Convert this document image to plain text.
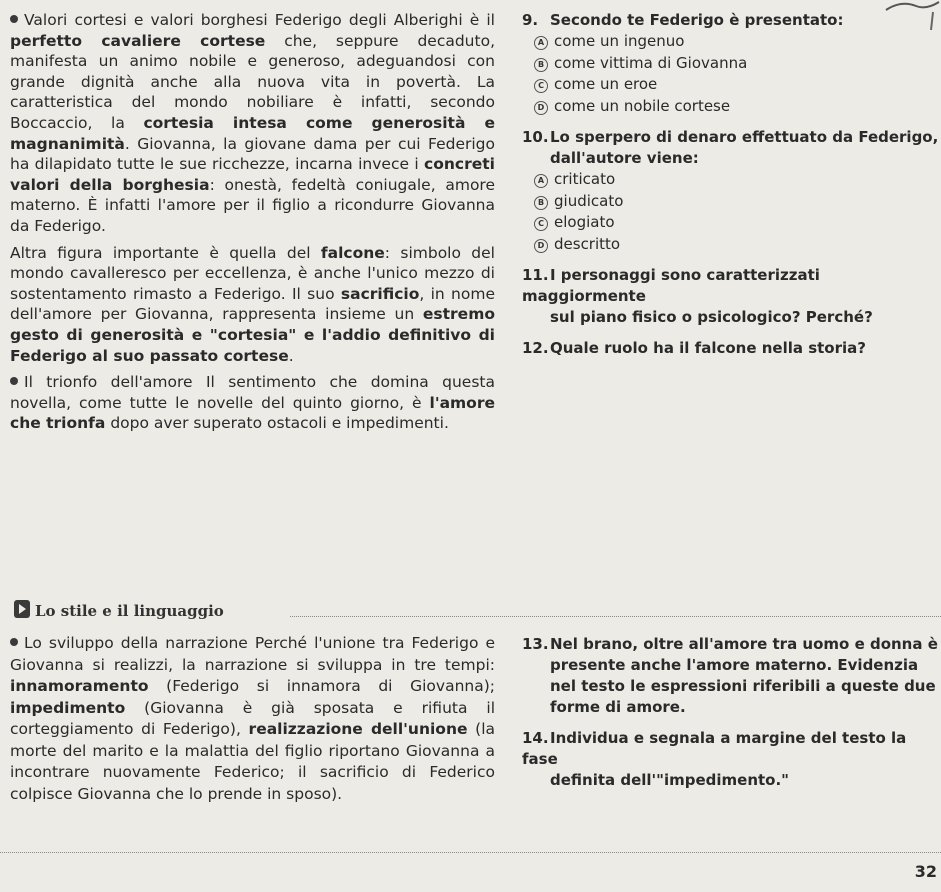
Valori cortesi e valori borghesi Federigo degli Alberighi è il perfetto cavaliere cortese che, seppure decaduto, manifesta un animo nobile e generoso, adeguandosi con grande dignità anche alla nuova vita in povertà. La caratteristica del mondo nobiliare è infatti, secondo Boccaccio, la cortesia intesa come generosità e magnanimità. Giovanna, la giovane dama per cui Federigo ha dilapidato tutte le sue ricchezze, incarna invece i concreti valori della borghesia: onestà, fedeltà coniugale, amore materno. È infatti l'amore per il figlio a ricondurre Giovanna da Federigo.

Altra figura importante è quella del falcone: simbolo del mondo cavalleresco per eccellenza, è anche l'unico mezzo di sostentamento rimasto a Federigo. Il suo sacrificio, in nome dell'amore per Giovanna, rappresenta insieme un estremo gesto di generosità e "cortesia" e l'addio definitivo di Federigo al suo passato cortese.

Il trionfo dell'amore Il sentimento che domina questa novella, come tutte le novelle del quinto giorno, è l'amore che trionfa dopo aver superato ostacoli e impedimenti.

9. Secondo te Federigo è presentato:

A come un ingenuo
B come vittima di Giovanna
C come un eroe
D come un nobile cortese

10.Lo sperpero di denaro effettuato da Federigo,
dall'autore viene:

A criticato
B giudicato
C elogiato
D descritto

11.I personaggi sono caratterizzati maggiormente
sul piano fisico o psicologico? Perché?

12.Quale ruolo ha il falcone nella storia?

Lo stile e il linguaggio

Lo sviluppo della narrazione Perché l'unione tra Federigo e Giovanna si realizzi, la narrazione si sviluppa in tre tempi: innamoramento (Federigo si innamora di Giovanna); impedimento (Giovanna è già sposata e rifiuta il corteggiamento di Federigo), realizzazione dell'unione (la morte del marito e la malattia del figlio riportano Giovanna a incontrare nuovamente Federico; il sacrificio di Federico colpisce Giovanna che lo prende in sposo).

13.Nel brano, oltre all'amore tra uomo e donna è
presente anche l'amore materno. Evidenzia nel testo le espressioni riferibili a queste due forme di amore.

14.Individua e segnala a margine del testo la fase
definita dell'"impedimento."

32
